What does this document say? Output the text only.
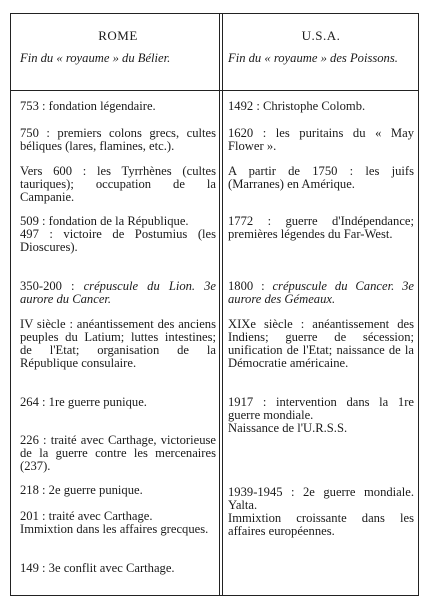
ROME
Fin du « royaume » du Bélier.
753 : fondation légendaire.
750 : premiers colons grecs, cultes béliques (lares, flamines, etc.).
Vers 600 : les Tyrrhènes (cultes tauriques); occupation de la Campanie.
509 : fondation de la République.
497 : victoire de Postumius (les Dioscures).
350-200 : crépuscule du Lion. 3e aurore du Cancer.
IV siècle : anéantissement des anciens peuples du Latium; luttes intestines; de l'Etat; organisation de la République consulaire.
264 : 1re guerre punique.
226 : traité avec Carthage, victorieuse de la guerre contre les mercenaires (237).
218 : 2e guerre punique.
201 : traité avec Carthage.
Immixtion dans les affaires grecques.
149 : 3e conflit avec Carthage.
U.S.A.
Fin du « royaume » des Poissons.
1492 : Christophe Colomb.
1620 : les puritains du « May Flower ».
A partir de 1750 : les juifs (Marranes) en Amérique.
1772 : guerre d'Indépendance; premières légendes du Far-West.
1800 : crépuscule du Cancer. 3e aurore des Gémeaux.
XIXe siècle : anéantissement des Indiens; guerre de sécession; unification de l'Etat; naissance de la Démocratie américaine.
1917 : intervention dans la 1re guerre mondiale.
Naissance de l'U.R.S.S.
1939-1945 : 2e guerre mondiale. Yalta.
Immixtion croissante dans les affaires européennes.
